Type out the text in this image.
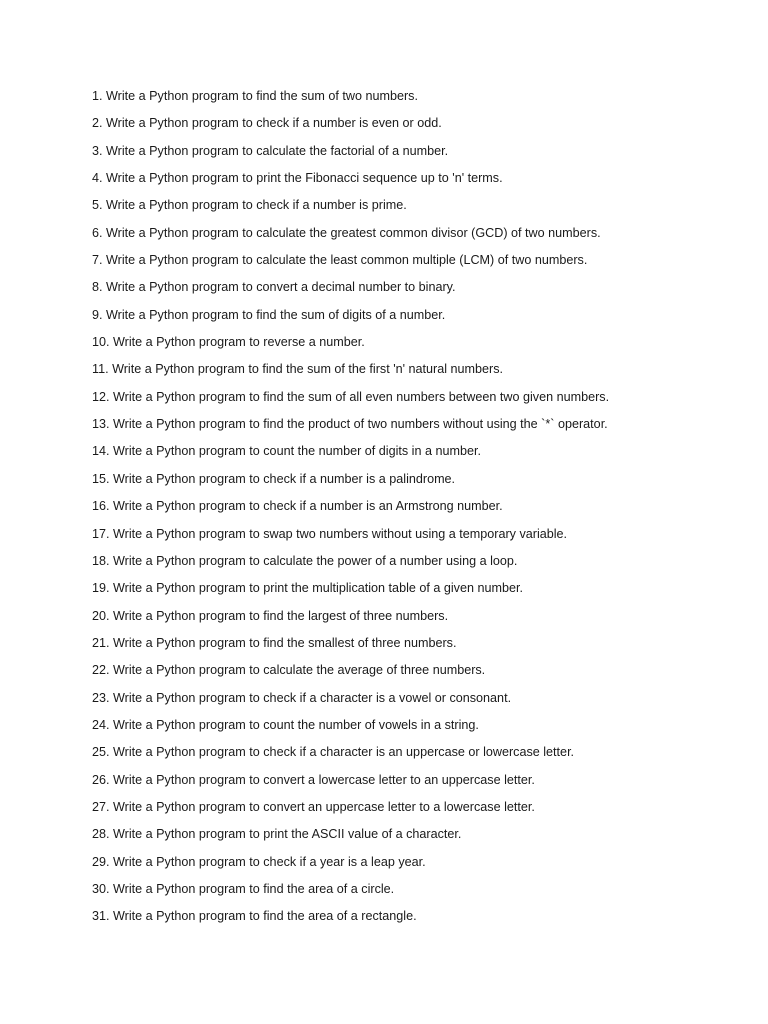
1. Write a Python program to find the sum of two numbers.
2. Write a Python program to check if a number is even or odd.
3. Write a Python program to calculate the factorial of a number.
4. Write a Python program to print the Fibonacci sequence up to 'n' terms.
5. Write a Python program to check if a number is prime.
6. Write a Python program to calculate the greatest common divisor (GCD) of two numbers.
7. Write a Python program to calculate the least common multiple (LCM) of two numbers.
8. Write a Python program to convert a decimal number to binary.
9. Write a Python program to find the sum of digits of a number.
10. Write a Python program to reverse a number.
11. Write a Python program to find the sum of the first 'n' natural numbers.
12. Write a Python program to find the sum of all even numbers between two given numbers.
13. Write a Python program to find the product of two numbers without using the `*` operator.
14. Write a Python program to count the number of digits in a number.
15. Write a Python program to check if a number is a palindrome.
16. Write a Python program to check if a number is an Armstrong number.
17. Write a Python program to swap two numbers without using a temporary variable.
18. Write a Python program to calculate the power of a number using a loop.
19. Write a Python program to print the multiplication table of a given number.
20. Write a Python program to find the largest of three numbers.
21. Write a Python program to find the smallest of three numbers.
22. Write a Python program to calculate the average of three numbers.
23. Write a Python program to check if a character is a vowel or consonant.
24. Write a Python program to count the number of vowels in a string.
25. Write a Python program to check if a character is an uppercase or lowercase letter.
26. Write a Python program to convert a lowercase letter to an uppercase letter.
27. Write a Python program to convert an uppercase letter to a lowercase letter.
28. Write a Python program to print the ASCII value of a character.
29. Write a Python program to check if a year is a leap year.
30. Write a Python program to find the area of a circle.
31. Write a Python program to find the area of a rectangle.
